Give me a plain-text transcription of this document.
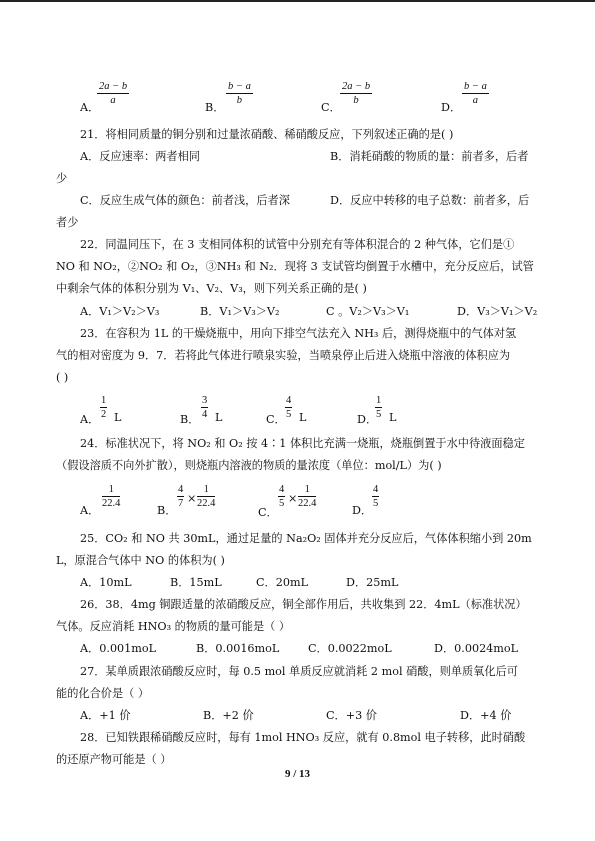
A．
$\frac{2a - b}{a}$
B．
$\frac{b - a}{b}$
C．
$\frac{2a - b}{b}$
D．
$\frac{b - a}{a}$
21．将相同质量的铜分别和过量浓硝酸、稀硝酸反应，下列叙述正确的是( )
A．反应速率：两者相同	B．消耗硝酸的物质的量：前者多，后者
少
C．反应生成气体的颜色：前者浅，后者深	D．反应中转移的电子总数：前者多，后
者少
22．同温同压下，在 3 支相同体积的试管中分别充有等体积混合的 2 种气体，它们是①
NO 和 NO₂，②NO₂ 和 O₂，③NH₃ 和 N₂．现将 3 支试管均倒置于水槽中，充分反应后，试管
中剩余气体的体积分别为 V₁、V₂、V₃，则下列关系正确的是( )
A．V₁＞V₂＞V₃	B．V₁＞V₃＞V₂	C 。V₂＞V₃＞V₁	D．V₃＞V₁＞V₂
23．在容积为 1L 的干燥烧瓶中，用向下排空气法充入 NH₃ 后，测得烧瓶中的气体对氢
气的相对密度为 9．7．若将此气体进行喷泉实验，当喷泉停止后进入烧瓶中溶液的体积应为
( )
A．
1
2 L	B．
3
4 L	C．
4
5 L	D．
1
5 L
24．标准状况下，将 NO₂ 和 O₂ 按 4∶1 体积比充满一烧瓶，烧瓶倒置于水中待液面稳定
（假设溶质不向外扩散），则烧瓶内溶液的物质的量浓度（单位：mol/L）为( )
A．
1
22.4
B．
4
7 ×
1
22.4
C．
4
5 ×
1
22.4
D．
4
5
25．CO₂ 和 NO 共 30mL，通过足量的 Na₂O₂ 固体并充分反应后，气体体积缩小到 20m
L，原混合气体中 NO 的体积为( )
A．10mL	B．15mL	C．20mL	D．25mL
26．38．4mg 铜跟适量的浓硝酸反应，铜全部作用后，共收集到 22．4mL（标准状况）
气体。反应消耗 HNO₃ 的物质的量可能是（ ）
A．0.001moL	B．0.0016moL	C．0.0022moL	D．0.0024moL
27．某单质跟浓硝酸反应时，每 0.5 mol 单质反应就消耗 2 mol 硝酸，则单质氧化后可
能的化合价是（ ）
A．+1 价	B．+2 价	C．+3 价	D．+4 价
28．已知铁跟稀硝酸反应时，每有 1mol HNO₃ 反应，就有 0.8mol 电子转移，此时硝酸
的还原产物可能是（ ）
9 / 13
